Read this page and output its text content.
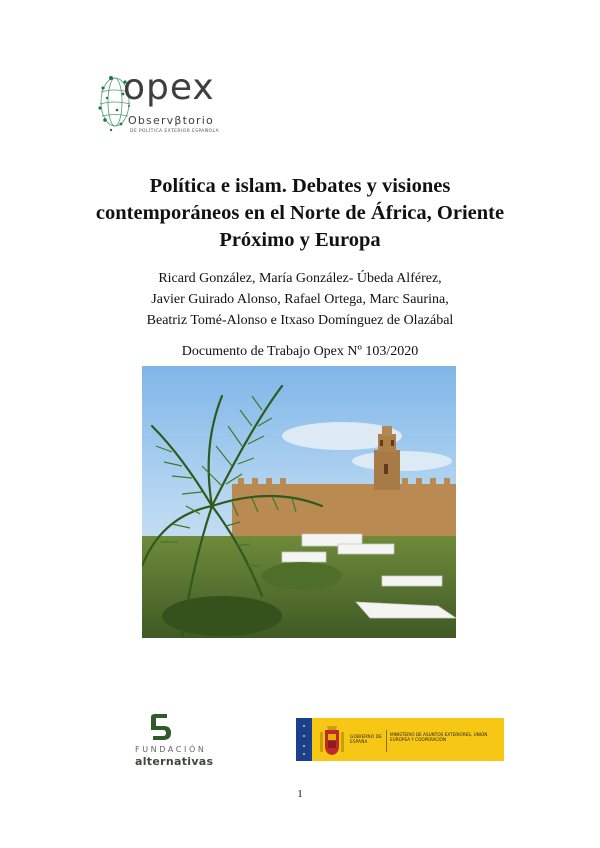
opex
Observβtorio
DE POLÍTICA EXTERIOR ESPAÑOLA
Política e islam. Debates y visiones
contemporáneos en el Norte de África, Oriente
Próximo y Europa
Ricard González, María González- Úbeda Alférez,
Javier Guirado Alonso, Rafael Ortega, Marc Saurina,
Beatriz Tomé-Alonso e Itxaso Domínguez de Olazábal
Documento de Trabajo Opex Nº 103/2020
FUNDACIÓN
alternativas
GOBIERNO DE ESPAÑA
MINISTERIO DE ASUNTOS EXTERIORES, UNIÓN EUROPEA Y COOPERACIÓN
1
